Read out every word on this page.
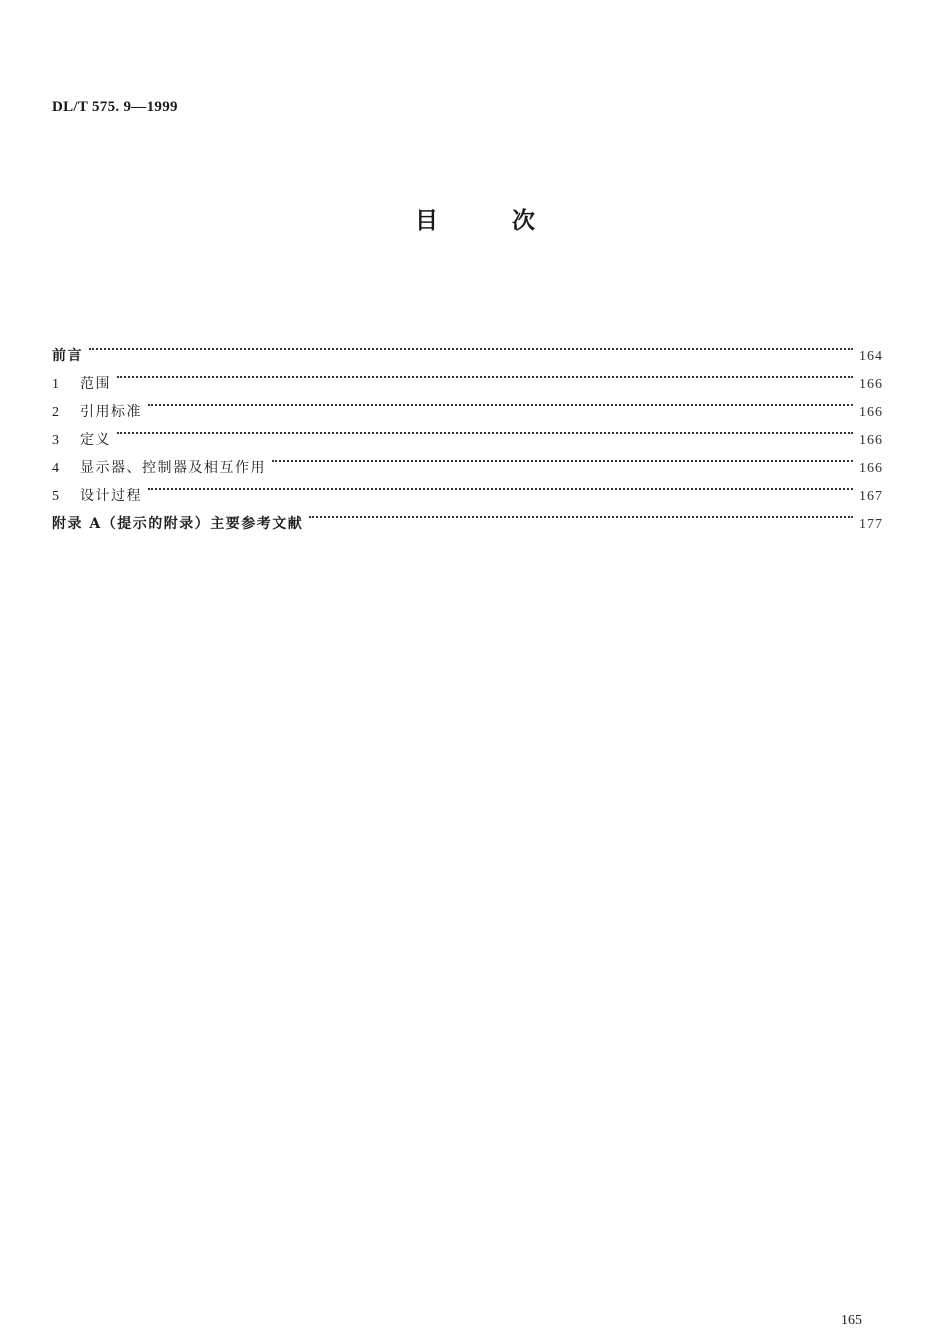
DL/T 575. 9—1999
目	次
前言	164
1	范围	166
2	引用标准	166
3	定义	166
4	显示器、控制器及相互作用	166
5	设计过程	167
附录 A（提示的附录）主要参考文献	177
165
